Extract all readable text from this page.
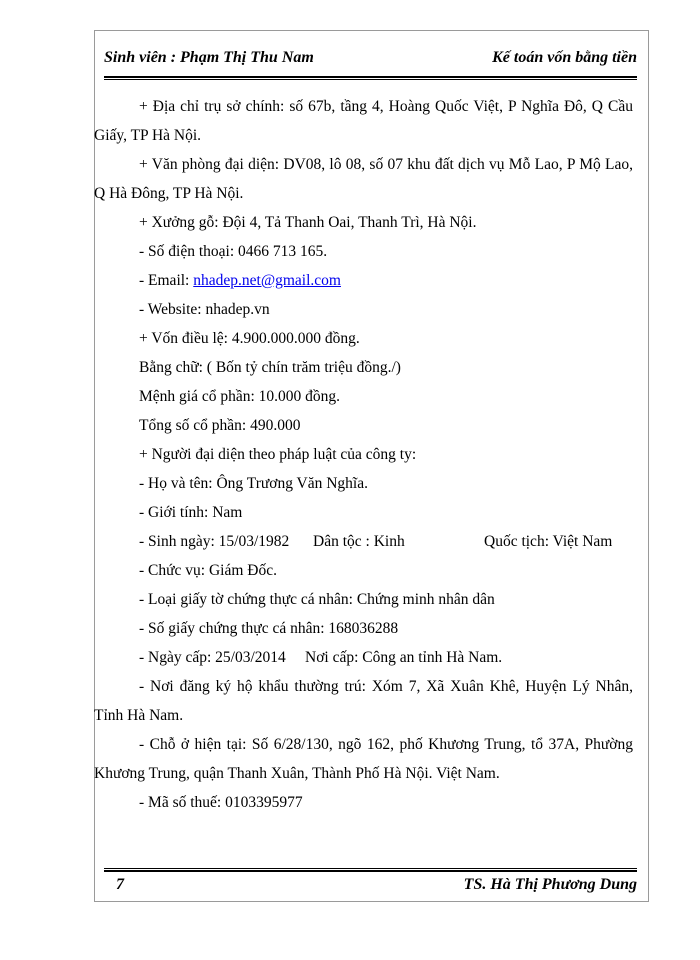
Sinh viên : Phạm Thị Thu Nam	Kế toán vốn bằng tiền

+ Địa chỉ trụ sở chính: số 67b, tầng 4, Hoàng Quốc Việt, P Nghĩa Đô, Q Cầu Giấy, TP Hà Nội.

+ Văn phòng đại diện: DV08, lô 08, số 07 khu đất dịch vụ Mỗ Lao, P Mộ Lao, Q Hà Đông, TP Hà Nội.

+ Xưởng gỗ: Đội 4, Tả Thanh Oai, Thanh Trì, Hà Nội.

- Số điện thoại: 0466 713 165.

- Email: nhadep.net@gmail.com

- Website: nhadep.vn

+ Vốn điều lệ: 4.900.000.000 đồng.

Bằng chữ: ( Bốn tỷ chín trăm triệu đồng./)

Mệnh giá cổ phần: 10.000 đồng.

Tổng số cổ phần: 490.000

+ Người đại diện theo pháp luật của công ty:

- Họ và tên: Ông Trương Văn Nghĩa.

- Giới tính: Nam

- Sinh ngày: 15/03/1982 Dân tộc : Kinh	Quốc tịch: Việt Nam

- Chức vụ: Giám Đốc.

- Loại giấy tờ chứng thực cá nhân: Chứng minh nhân dân

- Số giấy chứng thực cá nhân: 168036288

- Ngày cấp: 25/03/2014 Nơi cấp: Công an tỉnh Hà Nam.

- Nơi đăng ký hộ khẩu thường trú: Xóm 7, Xã Xuân Khê, Huyện Lý Nhân, Tỉnh Hà Nam.

- Chỗ ở hiện tại: Số 6/28/130, ngõ 162, phố Khương Trung, tổ 37A, Phường Khương Trung, quận Thanh Xuân, Thành Phố Hà Nội. Việt Nam.

- Mã số thuế: 0103395977

7	TS. Hà Thị Phương Dung
